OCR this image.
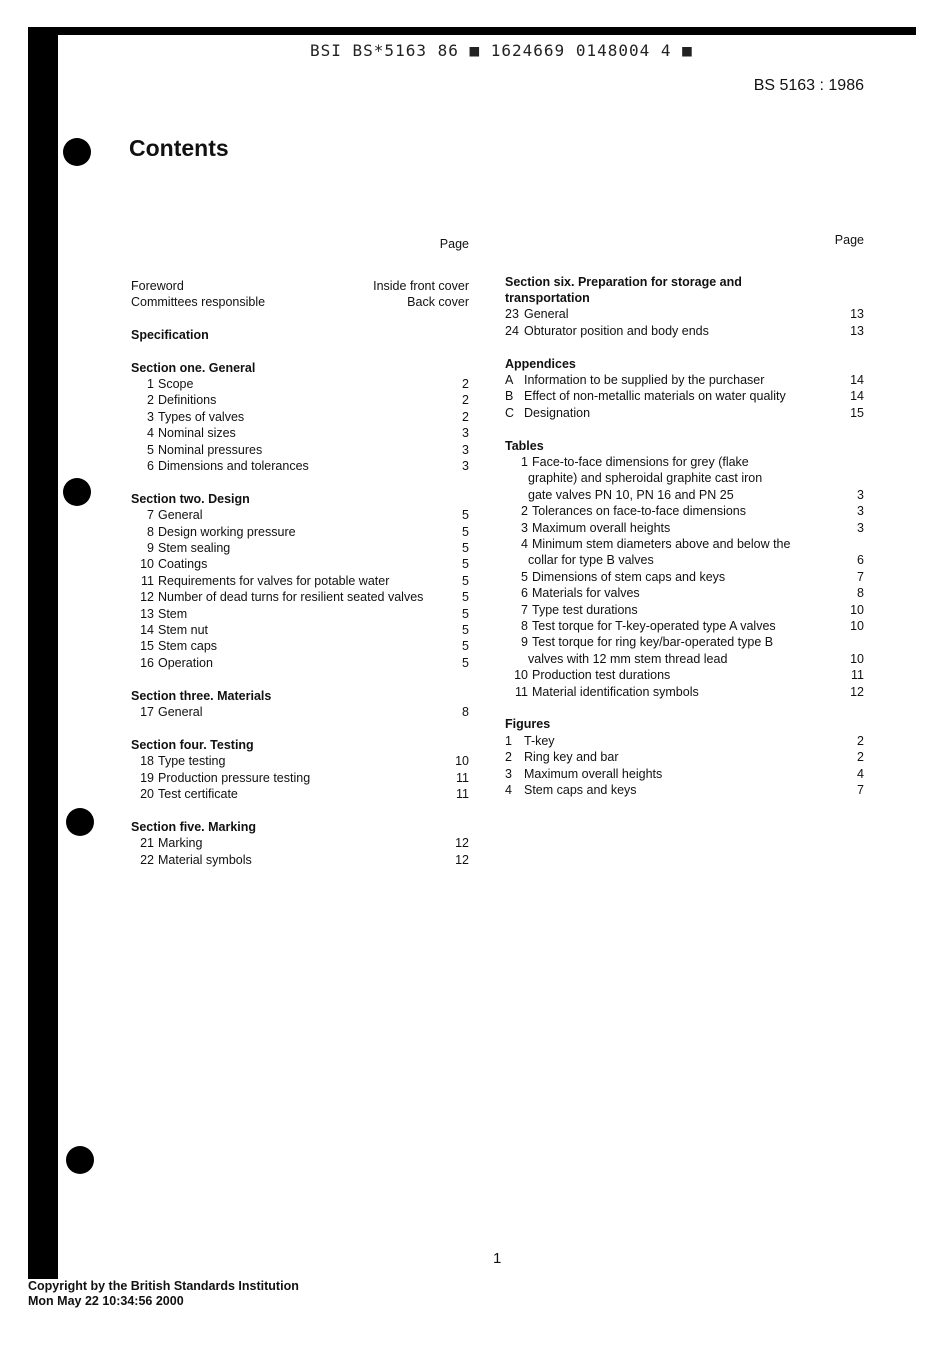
BSI BS*5163 86 ■ 1624669 0148004 4 ■
BS 5163 : 1986
Contents
Page
Foreword	Inside front cover
Committees responsible	Back cover
Specification
Section one. General
1 Scope	2
2 Definitions	2
3 Types of valves	2
4 Nominal sizes	3
5 Nominal pressures	3
6 Dimensions and tolerances	3
Section two. Design
7 General	5
8 Design working pressure	5
9 Stem sealing	5
10 Coatings	5
11 Requirements for valves for potable water	5
12 Number of dead turns for resilient seated valves	5
13 Stem	5
14 Stem nut	5
15 Stem caps	5
16 Operation	5
Section three. Materials
17 General	8
Section four. Testing
18 Type testing	10
19 Production pressure testing	11
20 Test certificate	11
Section five. Marking
21 Marking	12
22 Material symbols	12
Page
Section six. Preparation for storage and
transportation
23 General	13
24 Obturator position and body ends	13
Appendices
A Information to be supplied by the purchaser	14
B Effect of non-metallic materials on water quality	14
C Designation	15
Tables
1 Face-to-face dimensions for grey (flake
graphite) and spheroidal graphite cast iron
gate valves PN 10, PN 16 and PN 25	3
2 Tolerances on face-to-face dimensions	3
3 Maximum overall heights	3
4 Minimum stem diameters above and below the
collar for type B valves	6
5 Dimensions of stem caps and keys	7
6 Materials for valves	8
7 Type test durations	10
8 Test torque for T-key-operated type A valves	10
9 Test torque for ring key/bar-operated type B
valves with 12 mm stem thread lead	10
10 Production test durations	11
11 Material identification symbols	12
Figures
1 T-key	2
2 Ring key and bar	2
3 Maximum overall heights	4
4 Stem caps and keys	7
1
Copyright by the British Standards Institution
Mon May 22 10:34:56 2000
